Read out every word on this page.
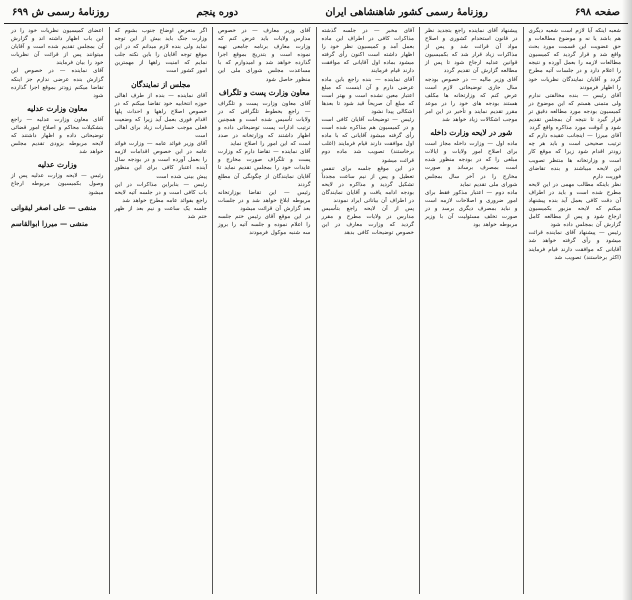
صفحه ۶۹۸
روزنامهٔ رسمی کشور شاهنشاهی ایران
دوره پنجم
روزنامهٔ رسمی ش ۶۹۹

شعبه اینکه آیا لازم است شعبه دیگری هم باشد یا نه و موضوع مطالعات و حق عضویت این قسمت مورد بحث واقع شد و قرار گردید که کمیسیون مطالعات لازمه را بعمل آورده و نتیجه را اعلام دارد و در جلسات آتیه مطرح گردد و آقایان نمایندگان نظریات خود را اظهار فرمودند

آقای رئیس — بنده مخالفتی ندارم ولی متمنی هستم که این موضوع در کمیسیون بودجه مورد مطالعه دقیق تر قرار گیرد تا نتیجه آن بمجلس تقدیم شود و آنوقت مورد مذاکره واقع گردد

آقای میرزا — اینجانب عقیده دارم که ترتیب صحیحی است و باید هر چه زودتر اقدام شود زیرا که موقع کار است و وزارتخانه ها منتظر تصویب این لایحه میباشند و بنده تقاضای فوریت دارم

نظر باینکه مطالب مهمی در این لایحه مطرح شده است و باید در اطراف آن دقت کافی بعمل آید بنده پیشنهاد میکنم که لایحه مزبور بکمیسیون ارجاع شود و پس از مطالعه کامل گزارش آن بمجلس داده شود

رئیس — پیشنهاد آقای نماینده قرائت میشود و رأی گرفته خواهد شد آقایانی که موافقت دارند قیام فرمایند (اکثر برخاستند) تصویب شد

پیشنهاد آقای نماینده راجع بتجدید نظر در قانون استخدام کشوری و اصلاح مواد آن قرائت شد و پس از مذاکرات زیاد قرار شد که بکمیسیون قوانین عدلیه ارجاع شود تا پس از مطالعه گزارش آن تقدیم گردد

آقای وزیر مالیه — در خصوص بودجه سال جاری توضیحاتی لازم است عرض کنم که وزارتخانه ها مکلف هستند بودجه های خود را در موعد مقرر تقدیم نمایند و تأخیر در این امر موجب اشکالات زیاد خواهد شد

شور در لایحه وزارت داخله

ماده اول — وزارت داخله مجاز است برای اصلاح امور ولایات و ایالات مبلغی را که در بودجه منظور شده است بمصرف برساند و صورت مخارج را در آخر سال بمجلس شورای ملی تقدیم نماید

ماده دوم — اعتبار مذکور فقط برای امور ضروری و اصلاحات لازمه است و نباید بمصرف دیگری برسد و در صورت تخلف مسئولیت آن با وزیر مربوطه خواهد بود

آقای مخبر — در جلسه گذشته مذاکرات کافی در اطراف این ماده بعمل آمد و کمیسیون نظر خود را اظهار داشته است اکنون رأی گرفته میشود بماده اول آقایانی که موافقت دارند قیام فرمایند

آقای نماینده — بنده راجع باین ماده عرضی دارم و آن اینست که مبلغ اعتبار معین نشده است و بهتر است که مبلغ آن صریحاً قید شود تا بعدها اشکالی پیدا نشود

رئیس — توضیحات آقایان کافی است و در کمیسیون هم مذاکره شده است رأی گرفته میشود آقایانی که با ماده اول موافقت دارند قیام فرمایند (اغلب برخاستند) تصویب شد ماده دوم قرائت میشود

در این موقع جلسه برای تنفس تعطیل و پس از نیم ساعت مجدداً تشکیل گردید و مذاکره در لایحه بودجه ادامه یافت و آقایان نمایندگان در اطراف آن بیاناتی ایراد نمودند

پس از آن لایحه راجع بتأسیس مدارس در ولایات مطرح و مقرر گردید که وزارت معارف در این خصوص توضیحات کافی بدهد

آقای وزیر معارف — در خصوص مدارس ولایات باید عرض کنم که وزارت معارف برنامه جامعی تهیه نموده است و بتدریج بموقع اجرا گذارده خواهد شد و امیدوارم که با مساعدت مجلس شورای ملی این منظور حاصل شود

معاون وزارت پست و تلگراف

آقای معاون وزارت پست و تلگراف — راجع بخطوط تلگرافی که در ولایات تأسیس شده است و همچنین ترتیب ادارات پست توضیحاتی داده و اظهار داشتند که وزارتخانه در صدد است که این امور را اصلاح نماید

آقای نماینده — تقاضا دارم که وزارت پست و تلگراف صورت مخارج و عایدات خود را بمجلس تقدیم نماید تا آقایان نمایندگان از چگونگی آن مطلع گردند

رئیس — این تقاضا بوزارتخانه مربوطه ابلاغ خواهد شد و در جلسات بعد گزارش آن قرائت میشود

در این موقع آقای رئیس ختم جلسه را اعلام نموده و جلسه آتیه را بروز سه شنبه موکول فرمودند

اگر متعرض اوضاع جنوب بشوم که وزارت جنگ باید بیش از این توجه نماید ولی بنده لازم میدانم که در این موقع توجه آقایان را باین نکته جلب نمایم که امنیت راهها از مهمترین امور کشور است

مجلس از نمایندگان

آقای نماینده — بنده از طرف اهالی حوزه انتخابیه خود تقاضا میکنم که در خصوص اصلاح راهها و احداث پلها اقدام فوری بعمل آید زیرا که وضعیت فعلی موجب خسارات زیاد برای اهالی است

آقای وزیر فوائد عامه — وزارت فوائد عامه در این خصوص اقدامات لازمه را بعمل آورده است و در بودجه سال آینده اعتبار کافی برای این منظور پیش بینی شده است

رئیس — بنابراین مذاکرات در این باب کافی است و در جلسه آتیه لایحه راجع بفوائد عامه مطرح خواهد شد

جلسه یک ساعت و نیم بعد از ظهر ختم شد

اعضای کمیسیون نظریات خود را در این باب اظهار داشته اند و گزارش آن بمجلس تقدیم شده است و آقایان میتوانند پس از قرائت آن نظریات خود را بیان فرمایند

آقای نماینده — در خصوص این گزارش بنده عرضی ندارم جز اینکه تقاضا میکنم زودتر بموقع اجرا گذارده شود

معاون وزارت عدلیه

آقای معاون وزارت عدلیه — راجع بتشکیلات محاکم و اصلاح امور قضائی توضیحاتی داده و اظهار داشتند که لایحه مربوطه بزودی تقدیم مجلس خواهد شد

وزارت عدلیه

رئیس — لایحه وزارت عدلیه پس از وصول بکمیسیون مربوطه ارجاع میشود

منشی — علی اصغر لیقوانی
منشی — میرزا ابوالقاسم
